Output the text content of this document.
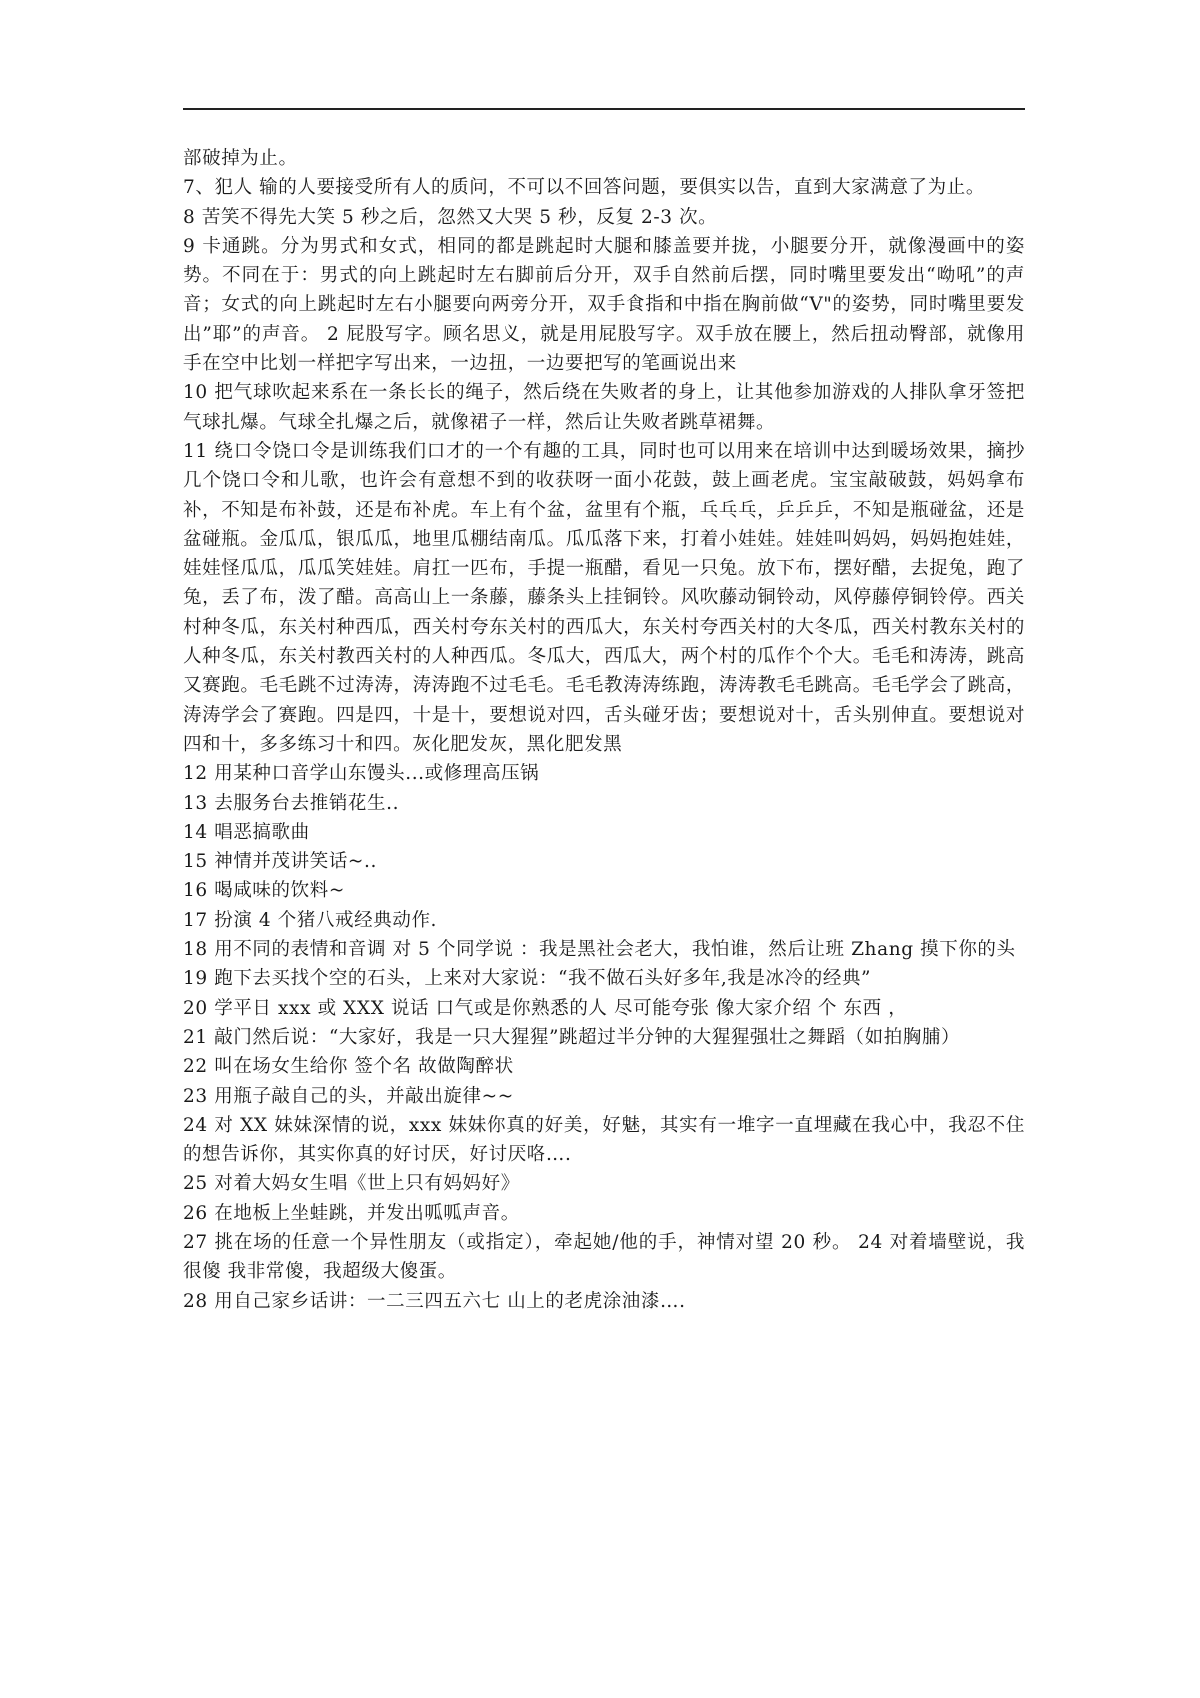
部破掉为止。

7、犯人 输的人要接受所有人的质问，不可以不回答问题，要俱实以告，直到大家满意了为止。

8 苦笑不得先大笑 5 秒之后，忽然又大哭 5 秒，反复 2-3 次。

9 卡通跳。分为男式和女式，相同的都是跳起时大腿和膝盖要并拢，小腿要分开，就像漫画中的姿势。不同在于：男式的向上跳起时左右脚前后分开，双手自然前后摆，同时嘴里要发出“呦吼”的声音；女式的向上跳起时左右小腿要向两旁分开，双手食指和中指在胸前做“V"的姿势，同时嘴里要发出”耶”的声音。 2 屁股写字。顾名思义，就是用屁股写字。双手放在腰上，然后扭动臀部，就像用手在空中比划一样把字写出来，一边扭，一边要把写的笔画说出来

10 把气球吹起来系在一条长长的绳子，然后绕在失败者的身上，让其他参加游戏的人排队拿牙签把气球扎爆。气球全扎爆之后，就像裙子一样，然后让失败者跳草裙舞。

11 绕口令饶口令是训练我们口才的一个有趣的工具，同时也可以用来在培训中达到暖场效果，摘抄几个饶口令和儿歌，也许会有意想不到的收获呀一面小花鼓，鼓上画老虎。宝宝敲破鼓，妈妈拿布补，不知是布补鼓，还是布补虎。车上有个盆，盆里有个瓶，乓乓乓，乒乒乒，不知是瓶碰盆，还是盆碰瓶。金瓜瓜，银瓜瓜，地里瓜棚结南瓜。瓜瓜落下来，打着小娃娃。娃娃叫妈妈，妈妈抱娃娃，娃娃怪瓜瓜，瓜瓜笑娃娃。肩扛一匹布，手提一瓶醋，看见一只兔。放下布，摆好醋，去捉兔，跑了兔，丢了布，泼了醋。高高山上一条藤，藤条头上挂铜铃。风吹藤动铜铃动，风停藤停铜铃停。西关村种冬瓜，东关村种西瓜，西关村夸东关村的西瓜大，东关村夸西关村的大冬瓜，西关村教东关村的人种冬瓜，东关村教西关村的人种西瓜。冬瓜大，西瓜大，两个村的瓜作个个大。毛毛和涛涛，跳高又赛跑。毛毛跳不过涛涛，涛涛跑不过毛毛。毛毛教涛涛练跑，涛涛教毛毛跳高。毛毛学会了跳高，涛涛学会了赛跑。四是四，十是十，要想说对四，舌头碰牙齿；要想说对十，舌头别伸直。要想说对四和十，多多练习十和四。灰化肥发灰，黑化肥发黑

12 用某种口音学山东馒头...或修理高压锅

13 去服务台去推销花生..

14 唱恶搞歌曲

15 神情并茂讲笑话~..

16 喝咸味的饮料~

17 扮演 4 个猪八戒经典动作.

18 用不同的表情和音调 对 5 个同学说 ：我是黑社会老大，我怕谁，然后让班 Zhang 摸下你的头

19 跑下去买找个空的石头，上来对大家说：“我不做石头好多年,我是冰冷的经典”

20 学平日 xxx 或 XXX 说话 口气或是你熟悉的人 尽可能夸张 像大家介绍 个 东西 ，

21 敲门然后说：“大家好，我是一只大猩猩”跳超过半分钟的大猩猩强壮之舞蹈（如拍胸脯）

22 叫在场女生给你 签个名 故做陶醉状

23 用瓶子敲自己的头，并敲出旋律~~

24 对 XX 妹妹深情的说，xxx 妹妹你真的好美，好魅，其实有一堆字一直埋藏在我心中，我忍不住的想告诉你，其实你真的好讨厌，好讨厌咯….

25 对着大妈女生唱《世上只有妈妈好》

26 在地板上坐蛙跳，并发出呱呱声音。

27 挑在场的任意一个异性朋友（或指定），牵起她/他的手，神情对望 20 秒。 24 对着墙壁说，我很傻 我非常傻，我超级大傻蛋。

28 用自己家乡话讲：一二三四五六七 山上的老虎涂油漆….
